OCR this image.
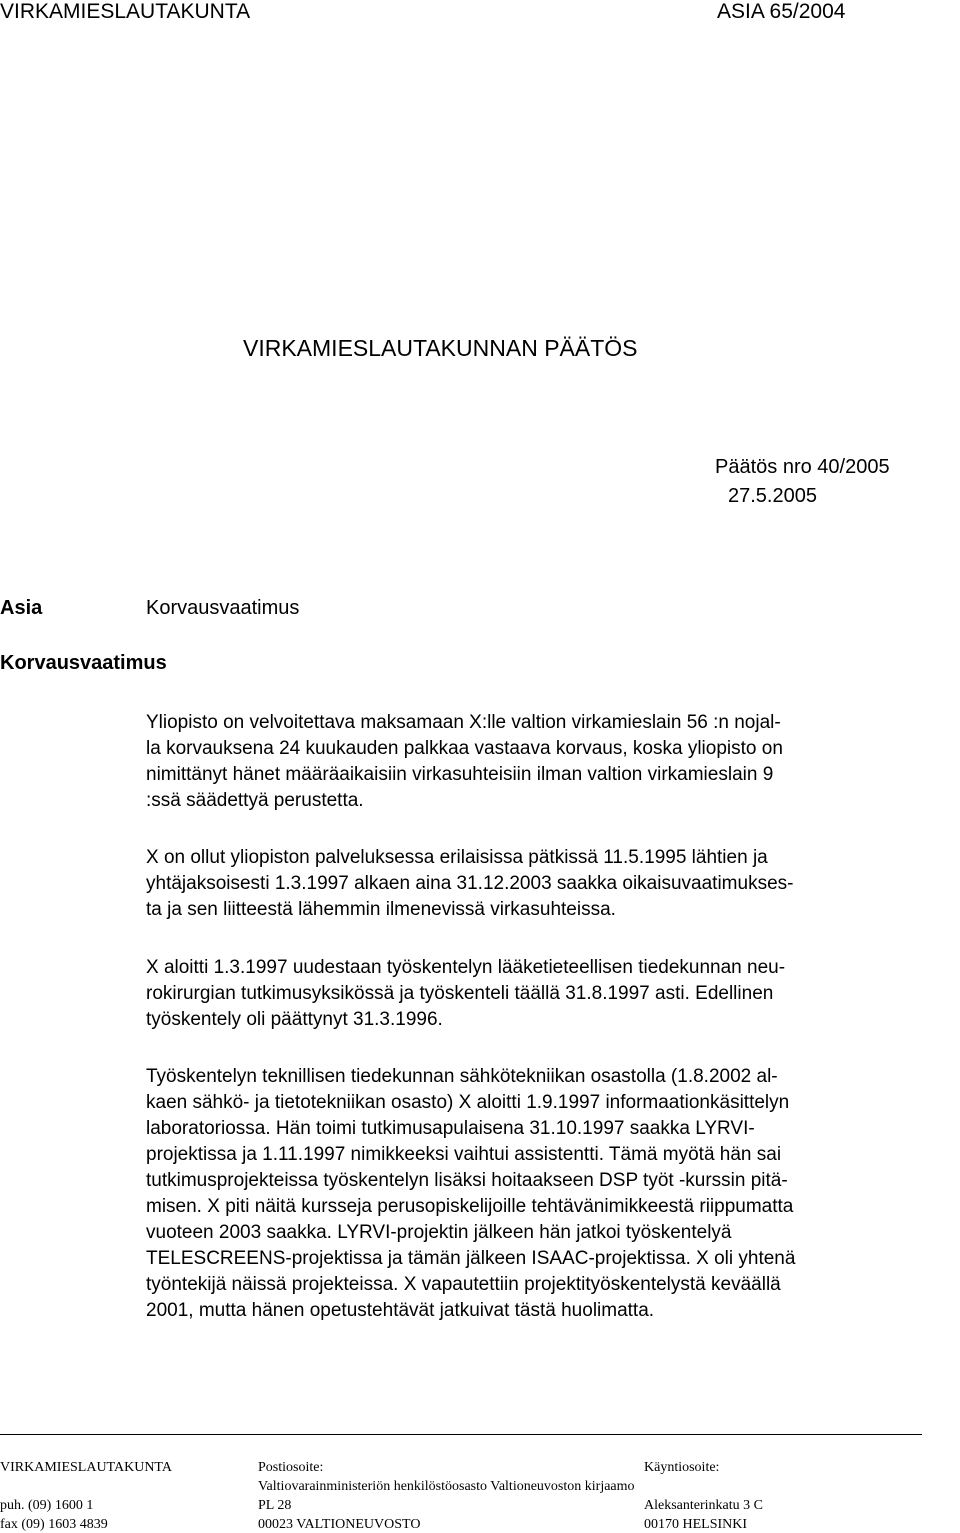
VIRKAMIESLAUTAKUNTA	ASIA 65/2004
VIRKAMIESLAUTAKUNNAN PÄÄTÖS
Päätös nro 40/2005
27.5.2005
Asia	Korvausvaatimus
Korvausvaatimus

Yliopisto on velvoitettava maksamaan X:lle valtion virkamieslain 56 :n nojal-

la korvauksena 24 kuukauden palkkaa vastaava korvaus, koska yliopisto on

nimittänyt hänet määräaikaisiin virkasuhteisiin ilman valtion virkamieslain 9

:ssä säädettyä perustetta.

X on ollut yliopiston palveluksessa erilaisissa pätkissä 11.5.1995 lähtien ja

yhtäjaksoisesti 1.3.1997 alkaen aina 31.12.2003 saakka oikaisuvaatimukses-

ta ja sen liitteestä lähemmin ilmenevissä virkasuhteissa.

X aloitti 1.3.1997 uudestaan työskentelyn lääketieteellisen tiedekunnan neu-

rokirurgian tutkimusyksikössä ja työskenteli täällä 31.8.1997 asti. Edellinen

työskentely oli päättynyt 31.3.1996.

Työskentelyn teknillisen tiedekunnan sähkötekniikan osastolla (1.8.2002 al-

kaen sähkö- ja tietotekniikan osasto) X aloitti 1.9.1997 informaationkäsittelyn

laboratoriossa. Hän toimi tutkimusapulaisena 31.10.1997 saakka LYRVI-

projektissa ja 1.11.1997 nimikkeeksi vaihtui assistentti. Tämä myötä hän sai

tutkimusprojekteissa työskentelyn lisäksi hoitaakseen DSP työt -kurssin pitä-

misen. X piti näitä kursseja perusopiskelijoille tehtävänimikkeestä riippumatta

vuoteen 2003 saakka. LYRVI-projektin jälkeen hän jatkoi työskentelyä

TELESCREENS-projektissa ja tämän jälkeen ISAAC-projektissa. X oli yhtenä

työntekijä näissä projekteissa. X vapautettiin projektityöskentelystä keväällä

2001, mutta hänen opetustehtävät jatkuivat tästä huolimatta.

VIRKAMIESLAUTAKUNTA	Postiosoite:	Käyntiosoite:
Valtiovarainministeriön henkilöstöosasto Valtioneuvoston kirjaamo
puh. (09) 1600 1	PL 28	Aleksanterinkatu 3 C
fax (09) 1603 4839	00023 VALTIONEUVOSTO	00170 HELSINKI
